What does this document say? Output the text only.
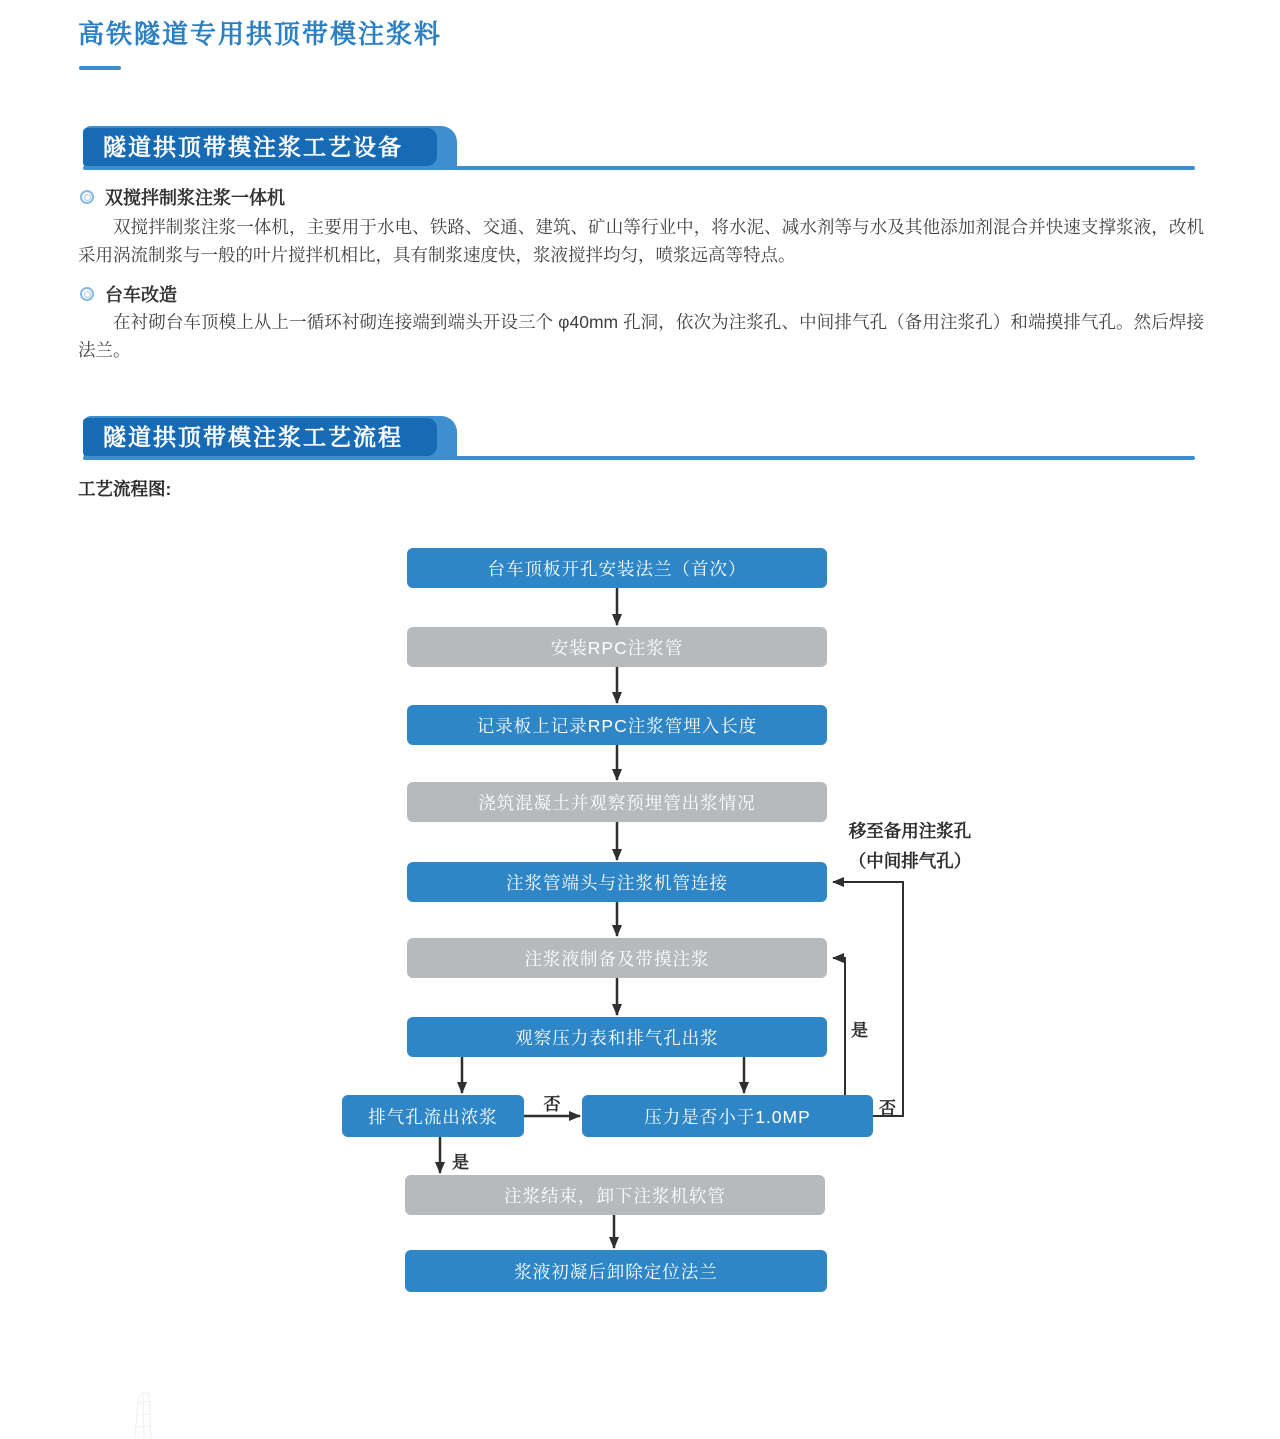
高铁隧道专用拱顶带模注浆料
隧道拱顶带摸注浆工艺设备
双搅拌制浆注浆一体机
双搅拌制浆注浆一体机，主要用于水电、铁路、交通、建筑、矿山等行业中，将水泥、减水剂等与水及其他添加剂混合并快速支撑浆液，改机采用涡流制浆与一般的叶片搅拌机相比，具有制浆速度快，浆液搅拌均匀，喷浆远高等特点。
台车改造
在衬砌台车顶模上从上一循环衬砌连接端到端头开设三个 φ40mm 孔洞，依次为注浆孔、中间排气孔（备用注浆孔）和端摸排气孔。然后焊接法兰。
隧道拱顶带模注浆工艺流程
工艺流程图:
台车顶板开孔安装法兰（首次）
安装RPC注浆管
记录板上记录RPC注浆管埋入长度
浇筑混凝土并观察预埋管出浆情况
注浆管端头与注浆机管连接
注浆液制备及带摸注浆
观察压力表和排气孔出浆
排气孔流出浓浆	压力是否小于1.0MP
注浆结束，卸下注浆机软管
浆液初凝后卸除定位法兰
是
否
是
否
移至备用注浆孔
（中间排气孔）
